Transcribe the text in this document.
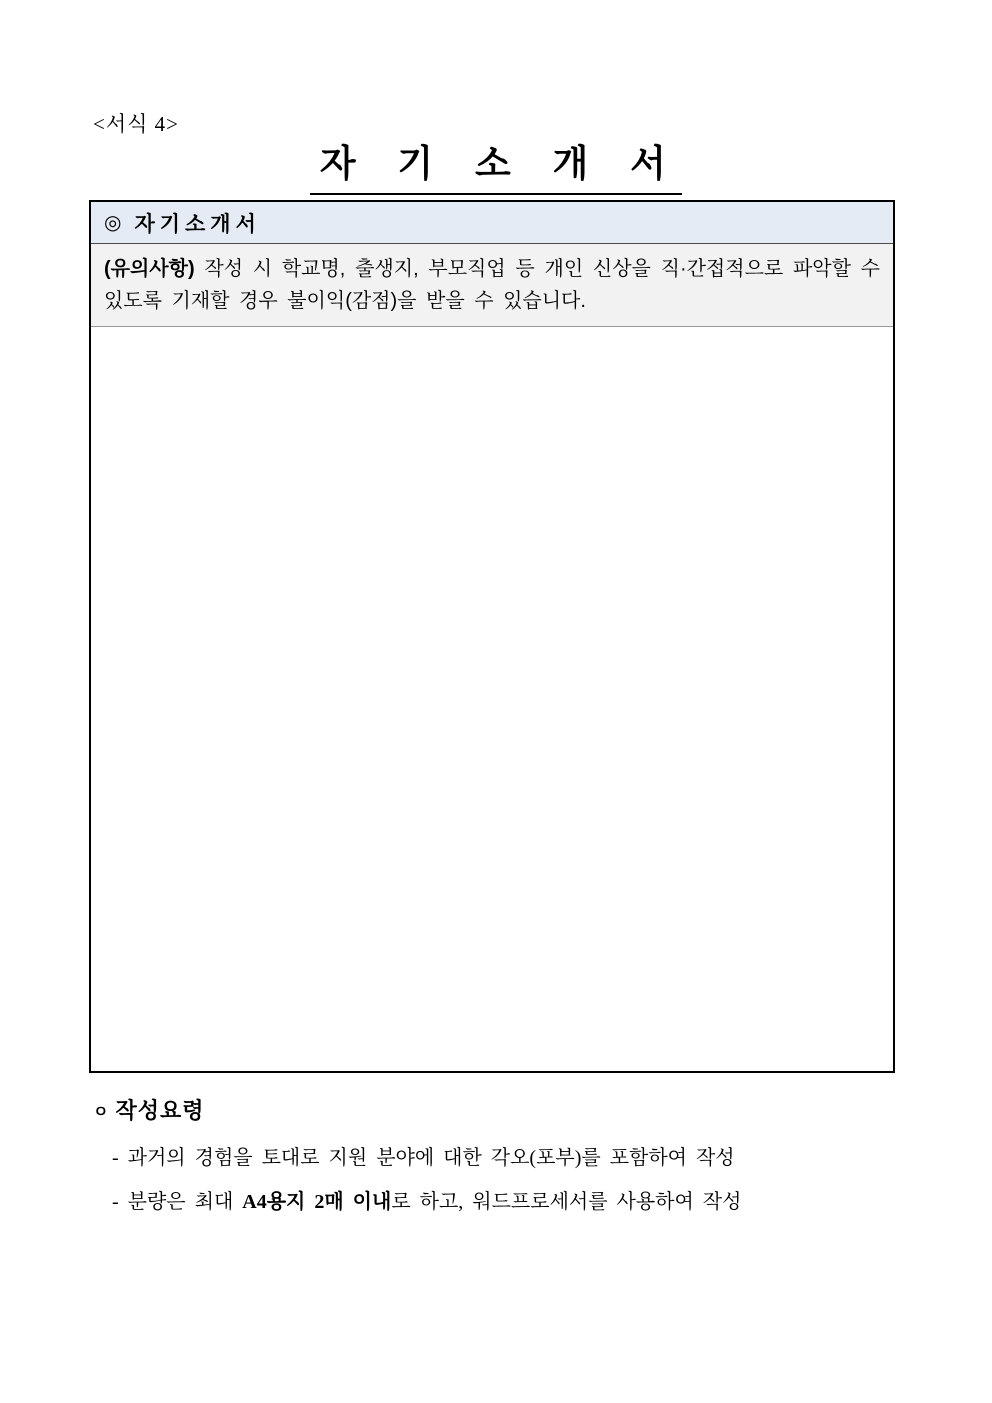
<서식 4>
자 기 소 개 서
◎ 자기소개서
(유의사항) 작성 시 학교명, 출생지, 부모직업 등 개인 신상을 직·간접적으로 파악할 수 있도록 기재할 경우 불이익(감점)을 받을 수 있습니다.
ㅇ 작성요령
- 과거의 경험을 토대로 지원 분야에 대한 각오(포부)를 포함하여 작성
- 분량은 최대 A4용지 2매 이내로 하고, 워드프로세서를 사용하여 작성
